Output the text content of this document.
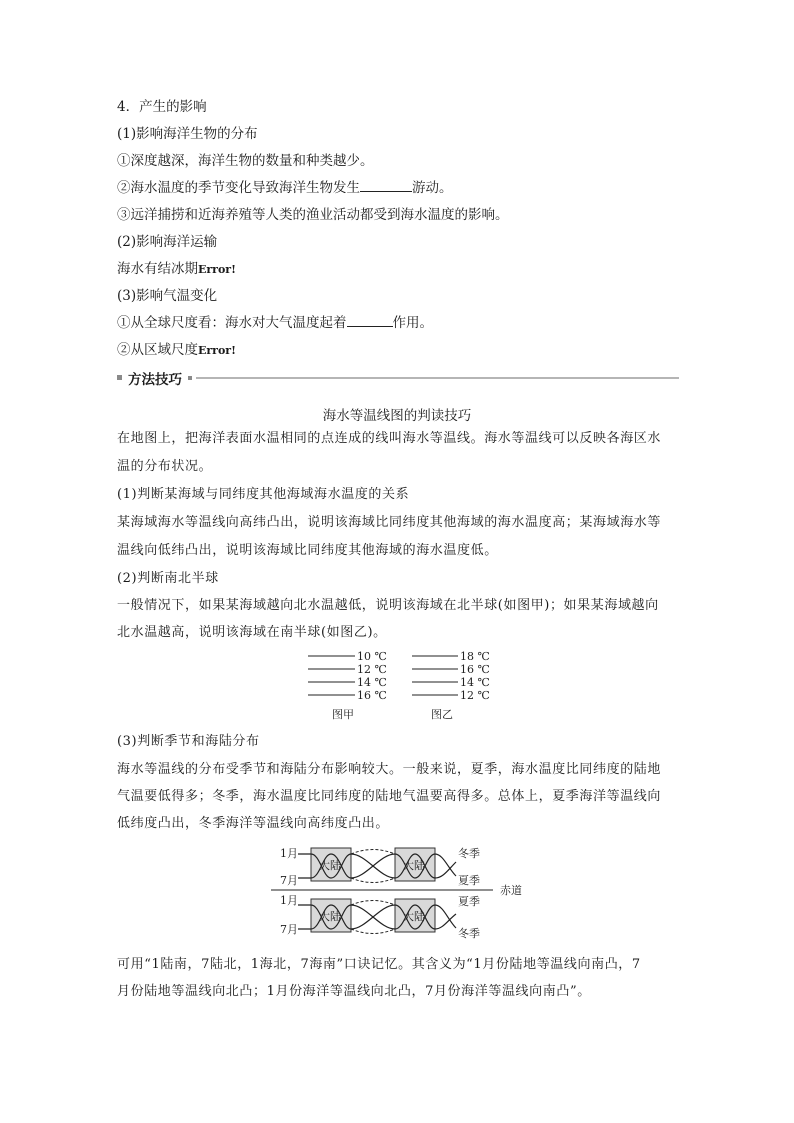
4．产生的影响
(1)影响海洋生物的分布
①深度越深，海洋生物的数量和种类越少。
②海水温度的季节变化导致海洋生物发生	游动。
③远洋捕捞和近海养殖等人类的渔业活动都受到海水温度的影响。
(2)影响海洋运输
海水有结冰期Error!
(3)影响气温变化
①从全球尺度看：海水对大气温度起着	作用。
②从区域尺度Error!
方法技巧
海水等温线图的判读技巧
在地图上，把海洋表面水温相同的点连成的线叫海水等温线。海水等温线可以反映各海区水
温的分布状况。
(1)判断某海域与同纬度其他海域海水温度的关系
某海域海水等温线向高纬凸出，说明该海域比同纬度其他海域的海水温度高；某海域海水等
温线向低纬凸出，说明该海域比同纬度其他海域的海水温度低。
(2)判断南北半球
一般情况下，如果某海域越向北水温越低，说明该海域在北半球(如图甲)；如果某海域越向
北水温越高，说明该海域在南半球(如图乙)。
10 ℃
12 ℃
14 ℃
16 ℃
18 ℃
16 ℃
14 ℃
12 ℃
图甲	图乙
(3)判断季节和海陆分布
海水等温线的分布受季节和海陆分布影响较大。一般来说，夏季，海水温度比同纬度的陆地
气温要低得多；冬季，海水温度比同纬度的陆地气温要高得多。总体上，夏季海洋等温线向
低纬度凸出，冬季海洋等温线向高纬度凸出。
1月
7月
1月
7月
大陆	大陆
大陆	大陆
冬季
夏季
夏季
冬季
赤道
可用“1陆南，7陆北，1海北，7海南”口诀记忆。其含义为“1月份陆地等温线向南凸，7
月份陆地等温线向北凸；1月份海洋等温线向北凸，7月份海洋等温线向南凸”。
